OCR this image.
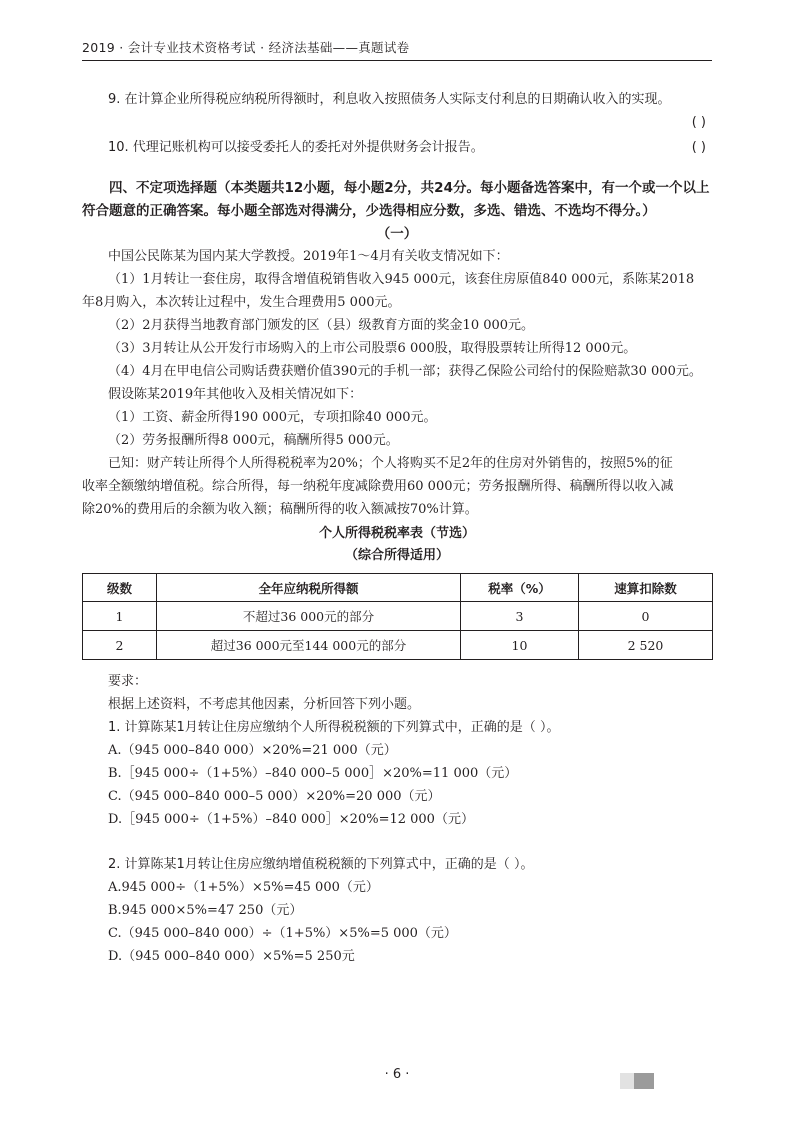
2019 · 会计专业技术资格考试 · 经济法基础——真题试卷
9. 在计算企业所得税应纳税所得额时，利息收入按照债务人实际支付利息的日期确认收入的实现。
( )
10. 代理记账机构可以接受委托人的委托对外提供财务会计报告。	( )
四、不定项选择题（本类题共12小题，每小题2分，共24分。每小题备选答案中，有一个或一个以上
符合题意的正确答案。每小题全部选对得满分，少选得相应分数，多选、错选、不选均不得分。）
（一）
中国公民陈某为国内某大学教授。2019年1～4月有关收支情况如下：
（1）1月转让一套住房，取得含增值税销售收入945 000元，该套住房原值840 000元，系陈某2018
年8月购入，本次转让过程中，发生合理费用5 000元。
（2）2月获得当地教育部门颁发的区（县）级教育方面的奖金10 000元。
（3）3月转让从公开发行市场购入的上市公司股票6 000股，取得股票转让所得12 000元。
（4）4月在甲电信公司购话费获赠价值390元的手机一部；获得乙保险公司给付的保险赔款30 000元。
假设陈某2019年其他收入及相关情况如下：
（1）工资、薪金所得190 000元，专项扣除40 000元。
（2）劳务报酬所得8 000元，稿酬所得5 000元。
已知：财产转让所得个人所得税税率为20%；个人将购买不足2年的住房对外销售的，按照5%的征
收率全额缴纳增值税。综合所得，每一纳税年度减除费用60 000元；劳务报酬所得、稿酬所得以收入减
除20%的费用后的余额为收入额；稿酬所得的收入额减按70%计算。
个人所得税税率表（节选）
（综合所得适用）
级数	全年应纳税所得额	税率（%）	速算扣除数
1	不超过36 000元的部分	3	0
2	超过36 000元至144 000元的部分	10	2 520
要求：
根据上述资料，不考虑其他因素，分析回答下列小题。
1. 计算陈某1月转让住房应缴纳个人所得税税额的下列算式中，正确的是（ ）。
A.（945 000–840 000）×20%=21 000（元）
B.［945 000÷（1+5%）–840 000–5 000］×20%=11 000（元）
C.（945 000–840 000–5 000）×20%=20 000（元）
D.［945 000÷（1+5%）–840 000］×20%=12 000（元）
2. 计算陈某1月转让住房应缴纳增值税税额的下列算式中，正确的是（ ）。
A.945 000÷（1+5%）×5%=45 000（元）
B.945 000×5%=47 250（元）
C.（945 000–840 000）÷（1+5%）×5%=5 000（元）
D.（945 000–840 000）×5%=5 250元
· 6 ·
